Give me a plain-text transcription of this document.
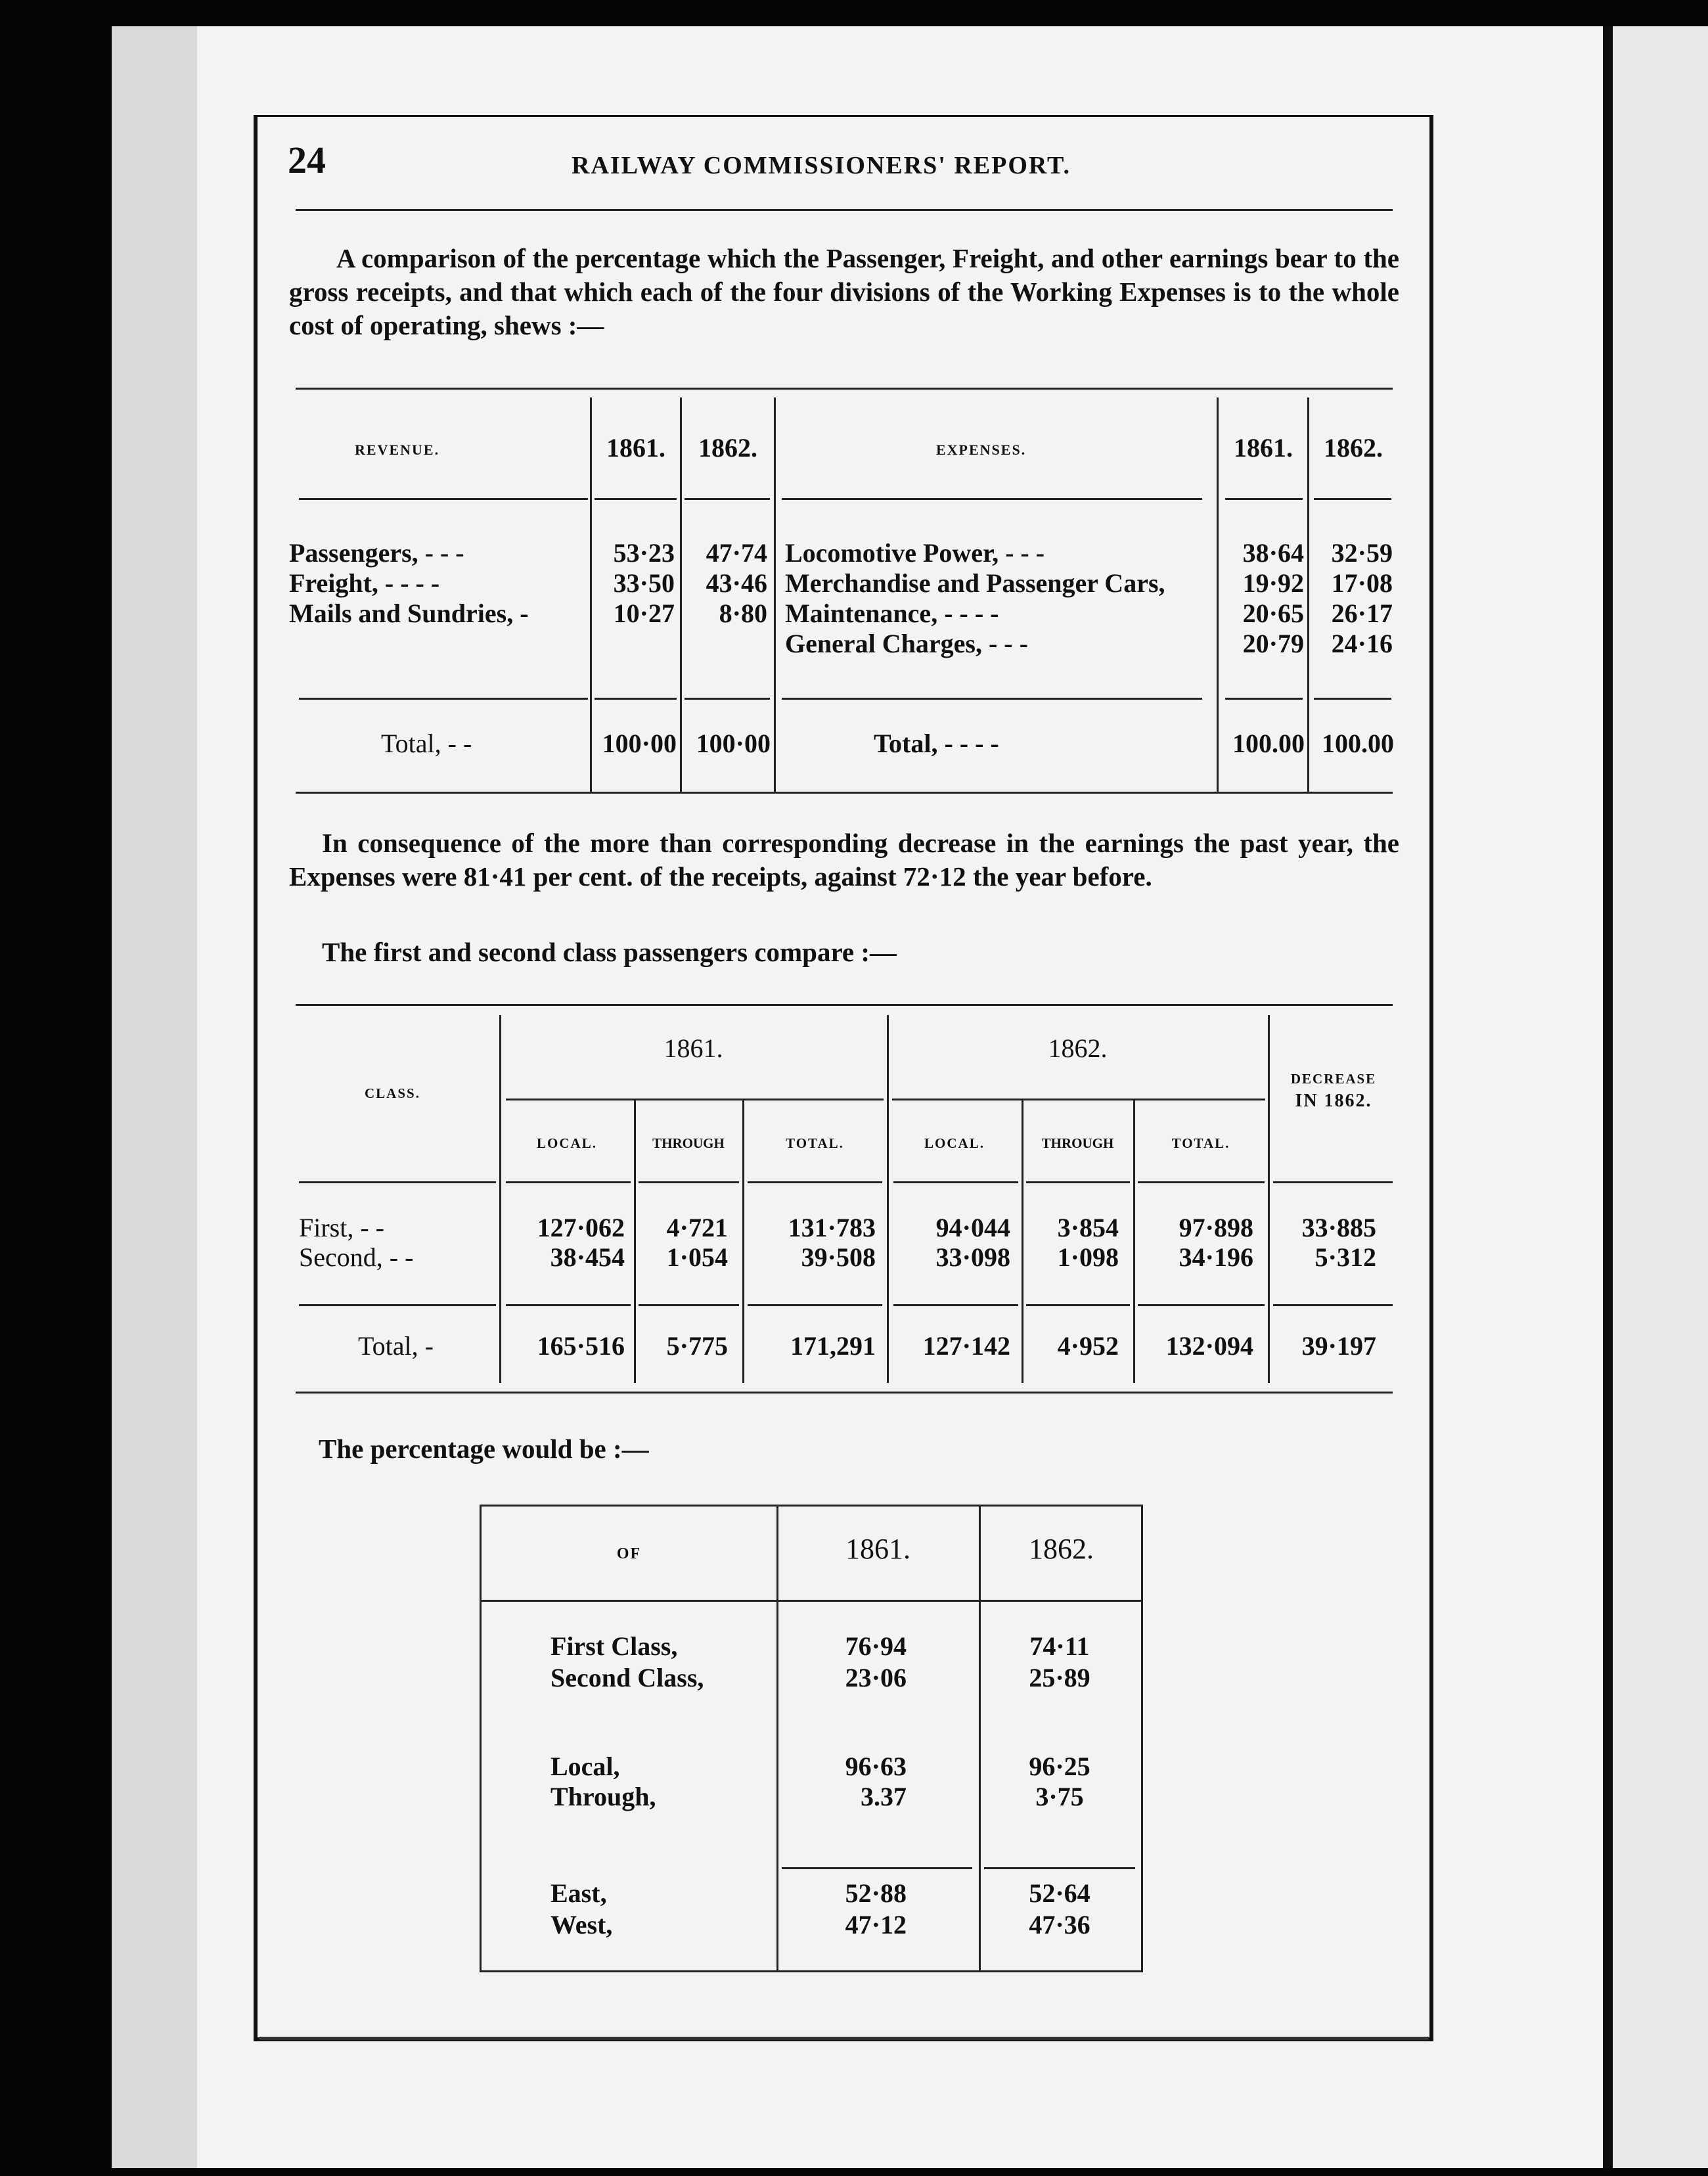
24	RAILWAY COMMISSIONERS' REPORT.
A comparison of the percentage which the Passenger, Freight, and other earnings bear to the gross receipts, and that which each of the four divisions of the Working Expenses is to the whole cost of operating, shews :—
REVENUE.	1861.	1862.	EXPENSES.	1861.	1862.
Passengers, - - -	53·23	47·74
Freight, - - - -	33·50	43·46
Mails and Sundries, -	10·27	8·80
Locomotive Power, - - -	38·64	32·59
Merchandise and Passenger Cars,	19·92	17·08
Maintenance, - - - -	20·65	26·17
General Charges, - - -	20·79	24·16
Total, - -	100·00 100·00	Total, - - - -	100.00 100.00
In consequence of the more than corresponding decrease in the earnings the past year, the Expenses were 81·41 per cent. of the receipts, against 72·12 the year before.
The first and second class passengers compare :—
CLASS.
1861.	1862.
DECREASE
IN 1862.
LOCAL.	THROUGH	TOTAL.	LOCAL.	THROUGH	TOTAL.
First, - -	127·062	4·721	131·783	94·044	3·854	97·898	33·885
Second, - -	38·454	1·054	39·508	33·098	1·098	34·196	5·312
Total, -	165·516	5·775	171,291	127·142	4·952	132·094	39·197
The percentage would be :—
OF	1861.	1862.
First Class,	76·94	74·11
Second Class,	23·06	25·89
Local,	96·63	96·25
Through,	3.37	3·75
East,	52·88	52·64
West,	47·12	47·36
